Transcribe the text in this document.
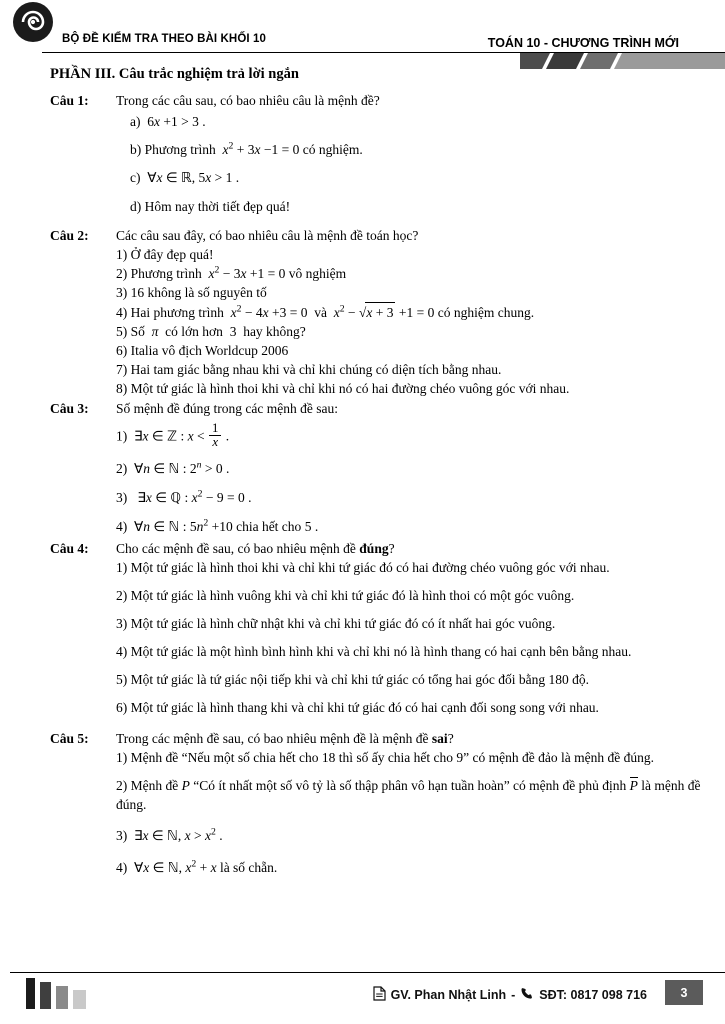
BỘ ĐỀ KIỂM TRA THEO BÀI KHỐI 10	TOÁN 10 - CHƯƠNG TRÌNH MỚI
PHẦN III. Câu trắc nghiệm trả lời ngắn
Câu 1:	Trong các câu sau, có bao nhiêu câu là mệnh đề?
a)  6x +1 > 3 .
b) Phương trình  $x^2 + 3x -1 = 0$ có nghiệm.
c)  ∀x ∈ ℝ, 5x > 1 .
d) Hôm nay thời tiết đẹp quá!
Câu 2:	Các câu sau đây, có bao nhiêu câu là mệnh đề toán học?
1) Ở đây đẹp quá!
2) Phương trình  $x^2 - 3x +1 = 0$ vô nghiệm
3) 16 không là số nguyên tố
4) Hai phương trình  $x^2 - 4x +3 = 0$  và  $x^2 - √x + 3 +1 = 0$ có nghiệm chung.
5) Số  π  có lớn hơn  3  hay không?
6) Italia vô địch Worldcup 2006
7) Hai tam giác bằng nhau khi và chỉ khi chúng có diện tích bằng nhau.
8) Một tứ giác là hình thoi khi và chỉ khi nó có hai đường chéo vuông góc với nhau.
Câu 3:	Số mệnh đề đúng trong các mệnh đề sau:
1)  ∃x ∈ ℤ : $x < \frac{1}{x}$ .
2)  ∀n ∈ ℕ : $2^n > 0$ .
3)   ∃x ∈ ℚ : $x^2 - 9 = 0$ .
4)  ∀n ∈ ℕ : $5n^2 +10$ chia hết cho 5 .
Câu 4:	Cho các mệnh đề sau, có bao nhiêu mệnh đề đúng?
1) Một tứ giác là hình thoi khi và chỉ khi tứ giác đó có hai đường chéo vuông góc với nhau.
2) Một tứ giác là hình vuông khi và chỉ khi tứ giác đó là hình thoi có một góc vuông.
3) Một tứ giác là hình chữ nhật khi và chỉ khi tứ giác đó có ít nhất hai góc vuông.
4) Một tứ giác là một hình bình hình khi và chỉ khi nó là hình thang có hai cạnh bên bằng nhau.
5) Một tứ giác là tứ giác nội tiếp khi và chỉ khi tứ giác có tổng hai góc đối bằng 180 độ.
6) Một tứ giác là hình thang khi và chỉ khi tứ giác đó có hai cạnh đối song song với nhau.
Câu 5:	Trong các mệnh đề sau, có bao nhiêu mệnh đề là mệnh đề sai?
1) Mệnh đề “Nếu một số chia hết cho 18 thì số ấy chia hết cho 9” có mệnh đề đảo là mệnh đề đúng.
2) Mệnh đề P “Có ít nhất một số vô tỷ là số thập phân vô hạn tuần hoàn” có mệnh đề phủ định P là mệnh đề đúng.
3)  ∃x ∈ ℕ, $x > x^2$ .
4)  ∀x ∈ ℕ, $x^2 + x$ là số chẵn.
GV. Phan Nhật Linh - SĐT: 0817 098 716	3
